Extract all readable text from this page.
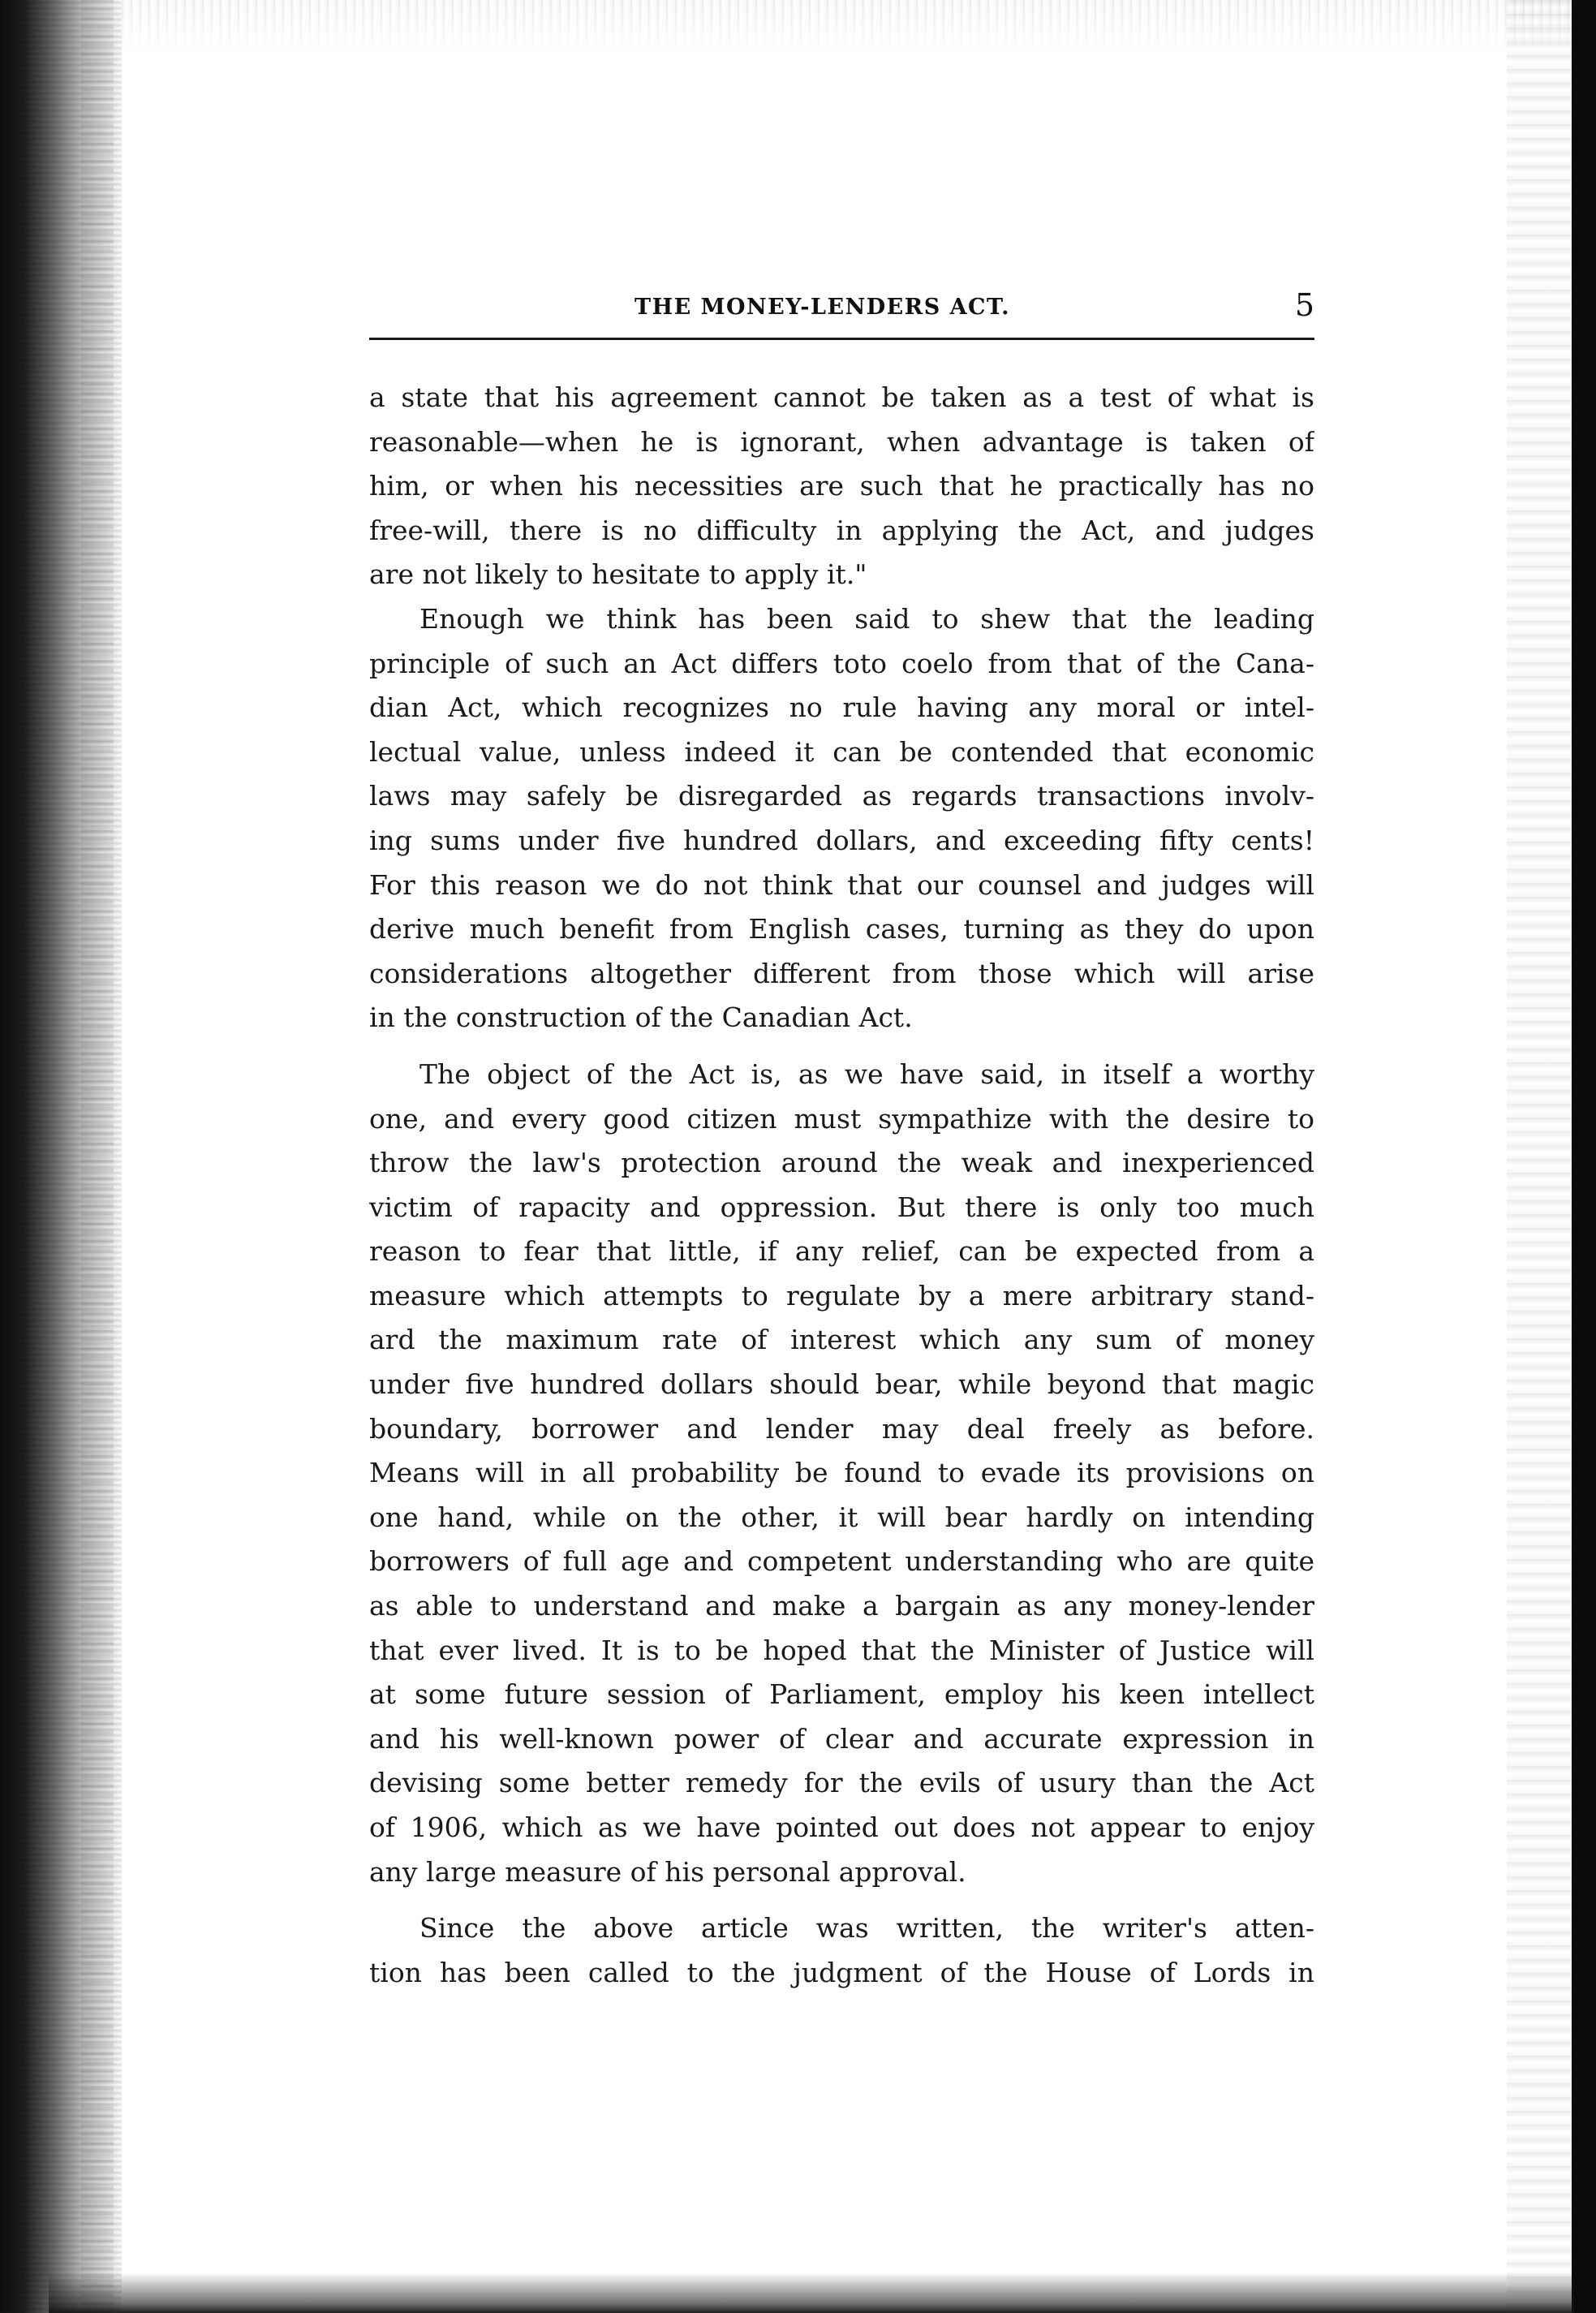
THE MONEY-LENDERS ACT.	5
a state that his agreement cannot be taken as a test of what is
reasonable—when he is ignorant, when advantage is taken of
him, or when his necessities are such that he practically has no
free-will, there is no difficulty in applying the Act, and judges
are not likely to hesitate to apply it."
Enough we think has been said to shew that the leading
principle of such an Act differs toto coelo from that of the Cana-
dian Act, which recognizes no rule having any moral or intel-
lectual value, unless indeed it can be contended that economic
laws may safely be disregarded as regards transactions involv-
ing sums under five hundred dollars, and exceeding fifty cents!
For this reason we do not think that our counsel and judges will
derive much benefit from English cases, turning as they do upon
considerations altogether different from those which will arise
in the construction of the Canadian Act.
The object of the Act is, as we have said, in itself a worthy
one, and every good citizen must sympathize with the desire to
throw the law's protection around the weak and inexperienced
victim of rapacity and oppression. But there is only too much
reason to fear that little, if any relief, can be expected from a
measure which attempts to regulate by a mere arbitrary stand-
ard the maximum rate of interest which any sum of money
under five hundred dollars should bear, while beyond that magic
boundary, borrower and lender may deal freely as before.
Means will in all probability be found to evade its provisions on
one hand, while on the other, it will bear hardly on intending
borrowers of full age and competent understanding who are quite
as able to understand and make a bargain as any money-lender
that ever lived. It is to be hoped that the Minister of Justice will
at some future session of Parliament, employ his keen intellect
and his well-known power of clear and accurate expression in
devising some better remedy for the evils of usury than the Act
of 1906, which as we have pointed out does not appear to enjoy
any large measure of his personal approval.
Since the above article was written, the writer's atten-
tion has been called to the judgment of the House of Lords in
